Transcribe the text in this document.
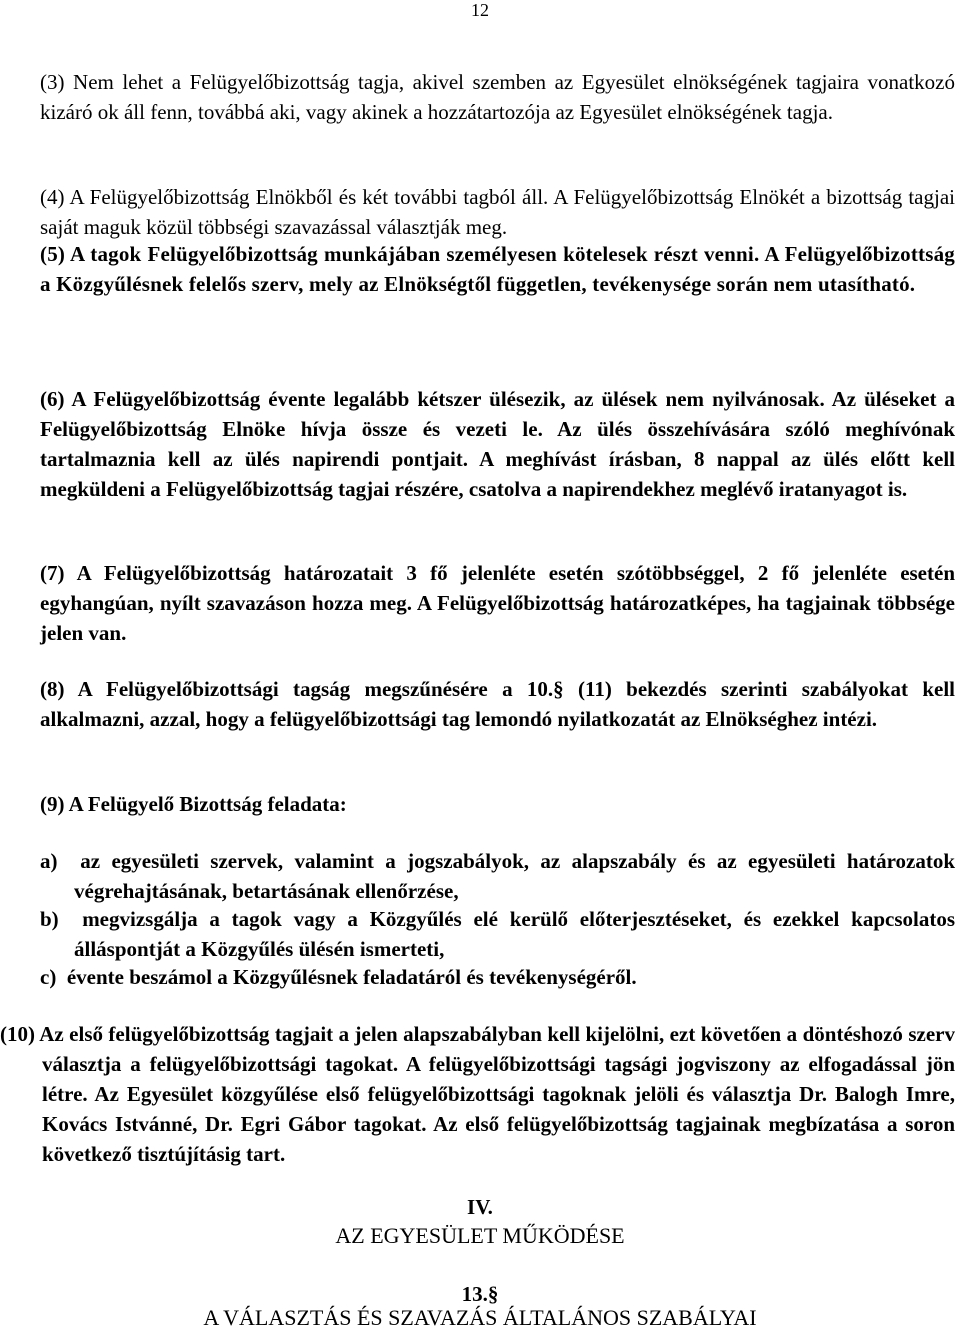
12

(3) Nem lehet a Felügyelőbizottság tagja, akivel szemben az Egyesület elnökségének tagjaira vonatkozó kizáró ok áll fenn, továbbá aki, vagy akinek a hozzátartozója az Egyesület elnökségének tagja.

(4) A Felügyelőbizottság Elnökből és két további tagból áll. A Felügyelőbizottság Elnökét a bizottság tagjai saját maguk közül többségi szavazással választják meg.

(5) A tagok Felügyelőbizottság munkájában személyesen kötelesek részt venni. A Felügyelőbizottság a Közgyűlésnek felelős szerv, mely az Elnökségtől független, tevékenysége során nem utasítható.

(6) A Felügyelőbizottság évente legalább kétszer ülésezik, az ülések nem nyilvánosak. Az üléseket a Felügyelőbizottság Elnöke hívja össze és vezeti le. Az ülés összehívására szóló meghívónak tartalmaznia kell az ülés napirendi pontjait. A meghívást írásban, 8 nappal az ülés előtt kell megküldeni a Felügyelőbizottság tagjai részére, csatolva a napirendekhez meglévő iratanyagot is.

(7) A Felügyelőbizottság határozatait 3 fő jelenléte esetén szótöbbséggel, 2 fő jelenléte esetén egyhangúan, nyílt szavazáson hozza meg. A Felügyelőbizottság határozatképes, ha tagjainak többsége jelen van.

(8) A Felügyelőbizottsági tagság megszűnésére a 10.§ (11) bekezdés szerinti szabályokat kell alkalmazni, azzal, hogy a felügyelőbizottsági tag lemondó nyilatkozatát az Elnökséghez intézi.

(9) A Felügyelő Bizottság feladata:

a) az egyesületi szervek, valamint a jogszabályok, az alapszabály és az egyesületi határozatok végrehajtásának, betartásának ellenőrzése,

b) megvizsgálja a tagok vagy a Közgyűlés elé kerülő előterjesztéseket, és ezekkel kapcsolatos álláspontját a Közgyűlés ülésén ismerteti,

c) évente beszámol a Közgyűlésnek feladatáról és tevékenységéről.

(10) Az első felügyelőbizottság tagjait a jelen alapszabályban kell kijelölni, ezt követően a döntéshozó szerv választja a felügyelőbizottsági tagokat. A felügyelőbizottsági tagsági jogviszony az elfogadással jön létre. Az Egyesület közgyűlése első felügyelőbizottsági tagoknak jelöli és választja Dr. Balogh Imre, Kovács Istvánné, Dr. Egri Gábor tagokat. Az első felügyelőbizottság tagjainak megbízatása a soron következő tisztújításig tart.

IV.

AZ EGYESÜLET MŰKÖDÉSE

13.§

A VÁLASZTÁS ÉS SZAVAZÁS ÁLTALÁNOS SZABÁLYAI
